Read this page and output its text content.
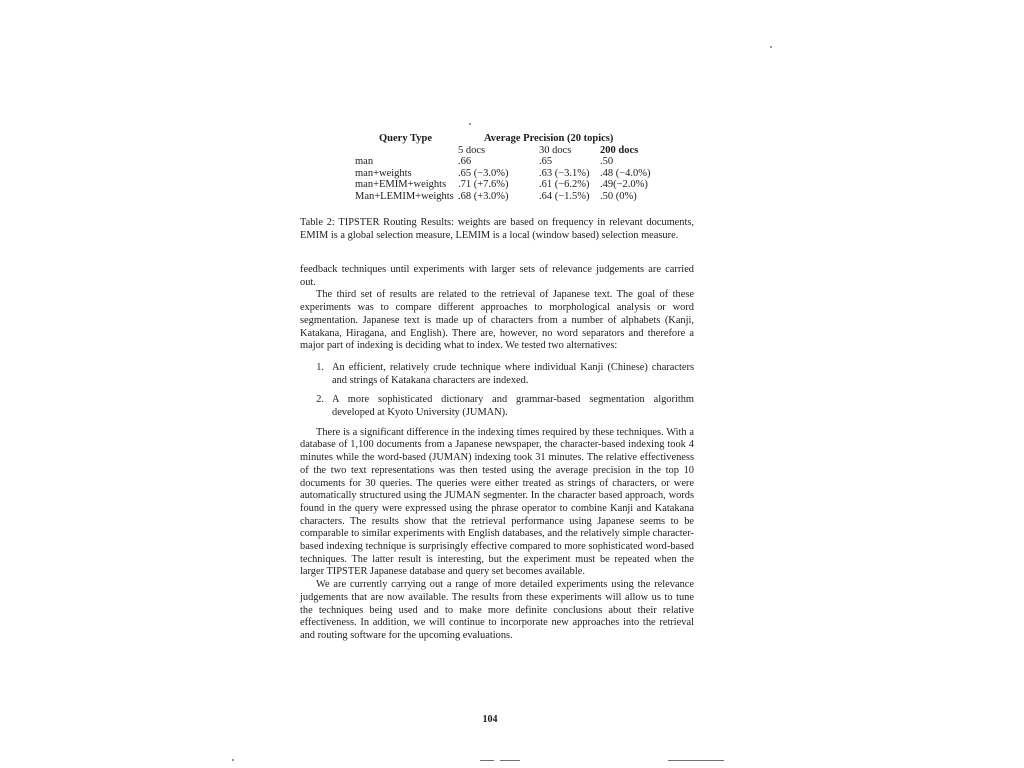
Query Type	Average Precision (20 topics)
5 docs	30 docs	200 docs
man	.66	.65	.50
man+weights	.65 (−3.0%)	.63 (−3.1%) .48 (−4.0%)
man+EMIM+weights	.71 (+7.6%)	.61 (−6.2%) .49(−2.0%)
Man+LEMIM+weights .68 (+3.0%)	.64 (−1.5%) .50 (0%)
Table 2: TIPSTER Routing Results: weights are based on frequency in relevant documents, EMIM is a global selection measure, LEMIM is a local (window based) selection measure.

feedback techniques until experiments with larger sets of relevance judgements are carried out.

The third set of results are related to the retrieval of Japanese text. The goal of these experiments was to compare different approaches to morphological analysis or word segmentation. Japanese text is made up of characters from a number of alphabets (Kanji, Katakana, Hiragana, and English). There are, however, no word separators and therefore a major part of indexing is deciding what to index. We tested two alternatives:

1. An efficient, relatively crude technique where individual Kanji (Chinese) characters and strings of Katakana characters are indexed.
2. A more sophisticated dictionary and grammar-based segmentation algorithm developed at Kyoto University (JUMAN).

There is a significant difference in the indexing times required by these techniques. With a database of 1,100 documents from a Japanese newspaper, the character-based indexing took 4 minutes while the word-based (JUMAN) indexing took 31 minutes. The relative effectiveness of the two text representations was then tested using the average precision in the top 10 documents for 30 queries. The queries were either treated as strings of characters, or were automatically structured using the JUMAN segmenter. In the character based approach, words found in the query were expressed using the phrase operator to combine Kanji and Katakana characters. The results show that the retrieval performance using Japanese seems to be comparable to similar experiments with English databases, and the relatively simple character-based indexing technique is surprisingly effective compared to more sophisticated word-based techniques. The latter result is interesting, but the experiment must be repeated when the larger TIPSTER Japanese database and query set becomes available.

We are currently carrying out a range of more detailed experiments using the relevance judgements that are now available. The results from these experiments will allow us to tune the techniques being used and to make more definite conclusions about their relative effectiveness. In addition, we will continue to incorporate new approaches into the retrieval and routing software for the upcoming evaluations.

104
